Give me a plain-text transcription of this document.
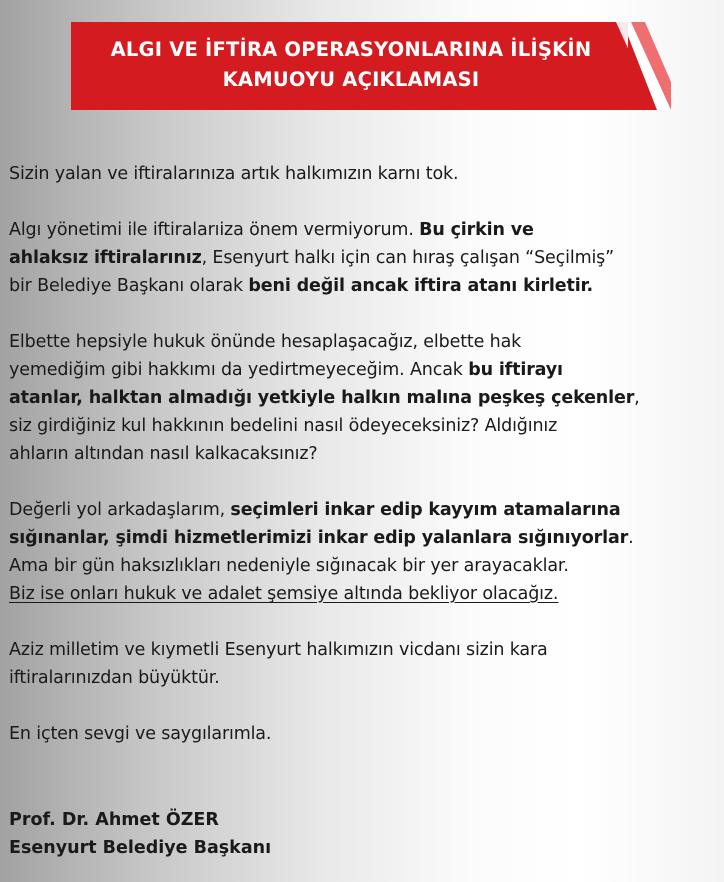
ALGI VE İFTİRA OPERASYONLARINA İLİŞKİN
KAMUOYU AÇIKLAMASI
Sizin yalan ve iftiralarınıza artık halkımızın karnı tok.
Algı yönetimi ile iftiralarıiza önem vermiyorum. Bu çirkin ve
ahlaksız iftiralarınız, Esenyurt halkı için can hıraş çalışan “Seçilmiş”
bir Belediye Başkanı olarak beni değil ancak iftira atanı kirletir.
Elbette hepsiyle hukuk önünde hesaplaşacağız, elbette hak
yemediğim gibi hakkımı da yedirtmeyeceğim. Ancak bu iftirayı
atanlar, halktan almadığı yetkiyle halkın malına peşkeş çekenler,
siz girdiğiniz kul hakkının bedelini nasıl ödeyeceksiniz? Aldığınız
ahların altından nasıl kalkacaksınız?
Değerli yol arkadaşlarım, seçimleri inkar edip kayyım atamalarına
sığınanlar, şimdi hizmetlerimizi inkar edip yalanlara sığınıyorlar.
Ama bir gün haksızlıkları nedeniyle sığınacak bir yer arayacaklar.
Biz ise onları hukuk ve adalet şemsiye altında bekliyor olacağız.
Aziz milletim ve kıymetli Esenyurt halkımızın vicdanı sizin kara
iftiralarınızdan büyüktür.
En içten sevgi ve saygılarımla.
Prof. Dr. Ahmet ÖZER
Esenyurt Belediye Başkanı
